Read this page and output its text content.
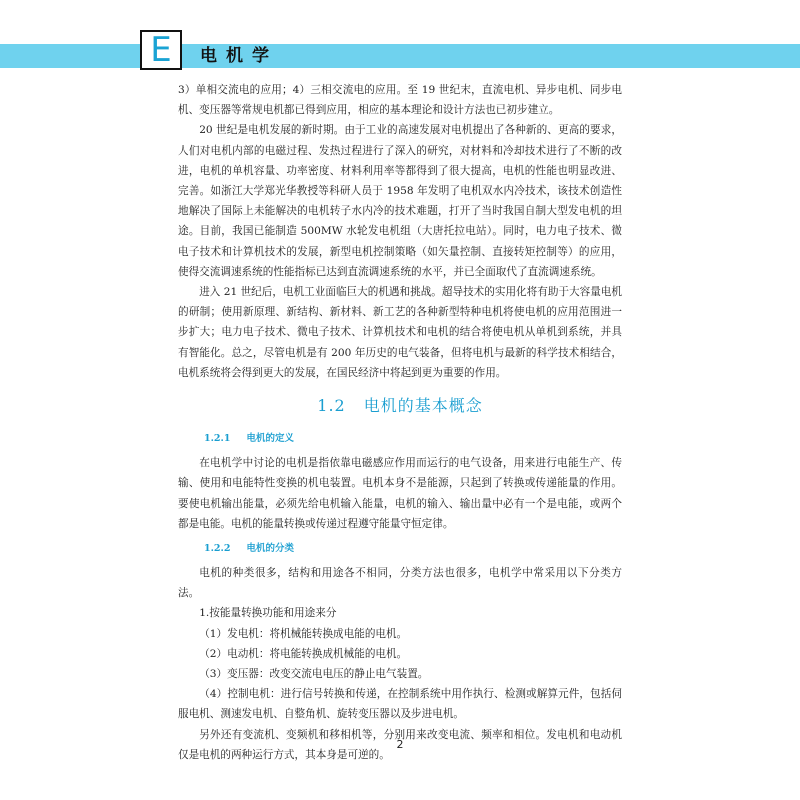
E 电机学

3）单相交流电的应用；4）三相交流电的应用。至 19 世纪末，直流电机、异步电机、同步电机、变压器等常规电机都已得到应用，相应的基本理论和设计方法也已初步建立。

20 世纪是电机发展的新时期。由于工业的高速发展对电机提出了各种新的、更高的要求，人们对电机内部的电磁过程、发热过程进行了深入的研究，对材料和冷却技术进行了不断的改进，电机的单机容量、功率密度、材料利用率等都得到了很大提高，电机的性能也明显改进、完善。如浙江大学郑光华教授等科研人员于 1958 年发明了电机双水内冷技术，该技术创造性地解决了国际上未能解决的电机转子水内冷的技术难题，打开了当时我国自制大型发电机的坦途。目前，我国已能制造 500MW 水轮发电机组（大唐托拉电站）。同时，电力电子技术、微电子技术和计算机技术的发展，新型电机控制策略（如矢量控制、直接转矩控制等）的应用，使得交流调速系统的性能指标已达到直流调速系统的水平，并已全面取代了直流调速系统。

进入 21 世纪后，电机工业面临巨大的机遇和挑战。超导技术的实用化将有助于大容量电机的研制；使用新原理、新结构、新材料、新工艺的各种新型特种电机将使电机的应用范围进一步扩大；电力电子技术、微电子技术、计算机技术和电机的结合将使电机从单机到系统，并具有智能化。总之，尽管电机是有 200 年历史的电气装备，但将电机与最新的科学技术相结合，电机系统将会得到更大的发展，在国民经济中将起到更为重要的作用。

1.2 电机的基本概念
1.2.1 电机的定义

在电机学中讨论的电机是指依靠电磁感应作用而运行的电气设备，用来进行电能生产、传输、使用和电能特性变换的机电装置。电机本身不是能源，只起到了转换或传递能量的作用。要使电机输出能量，必须先给电机输入能量，电机的输入、输出量中必有一个是电能，或两个都是电能。电机的能量转换或传递过程遵守能量守恒定律。

1.2.2 电机的分类

电机的种类很多，结构和用途各不相同，分类方法也很多，电机学中常采用以下分类方法。

1.按能量转换功能和用途来分

（1）发电机：将机械能转换成电能的电机。

（2）电动机：将电能转换成机械能的电机。

（3）变压器：改变交流电电压的静止电气装置。

（4）控制电机：进行信号转换和传递，在控制系统中用作执行、检测或解算元件，包括伺服电机、测速发电机、自整角机、旋转变压器以及步进电机。

另外还有变流机、变频机和移相机等，分别用来改变电流、频率和相位。发电机和电动机仅是电机的两种运行方式，其本身是可逆的。

2
